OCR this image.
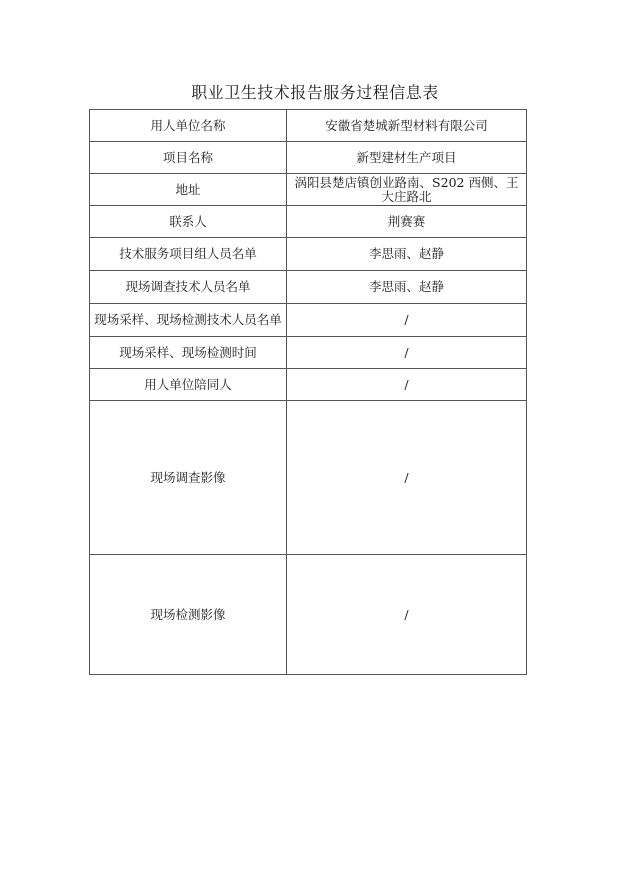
职业卫生技术报告服务过程信息表
用人单位名称	安徽省楚城新型材料有限公司
项目名称	新型建材生产项目
地址	涡阳县楚店镇创业路南、S202 西侧、王大庄路北
联系人	荆赛赛
技术服务项目组人员名单	李思雨、赵静
现场调查技术人员名单	李思雨、赵静
现场采样、现场检测技术人员名单	/
现场采样、现场检测时间	/
用人单位陪同人	/
现场调查影像	/
现场检测影像	/
